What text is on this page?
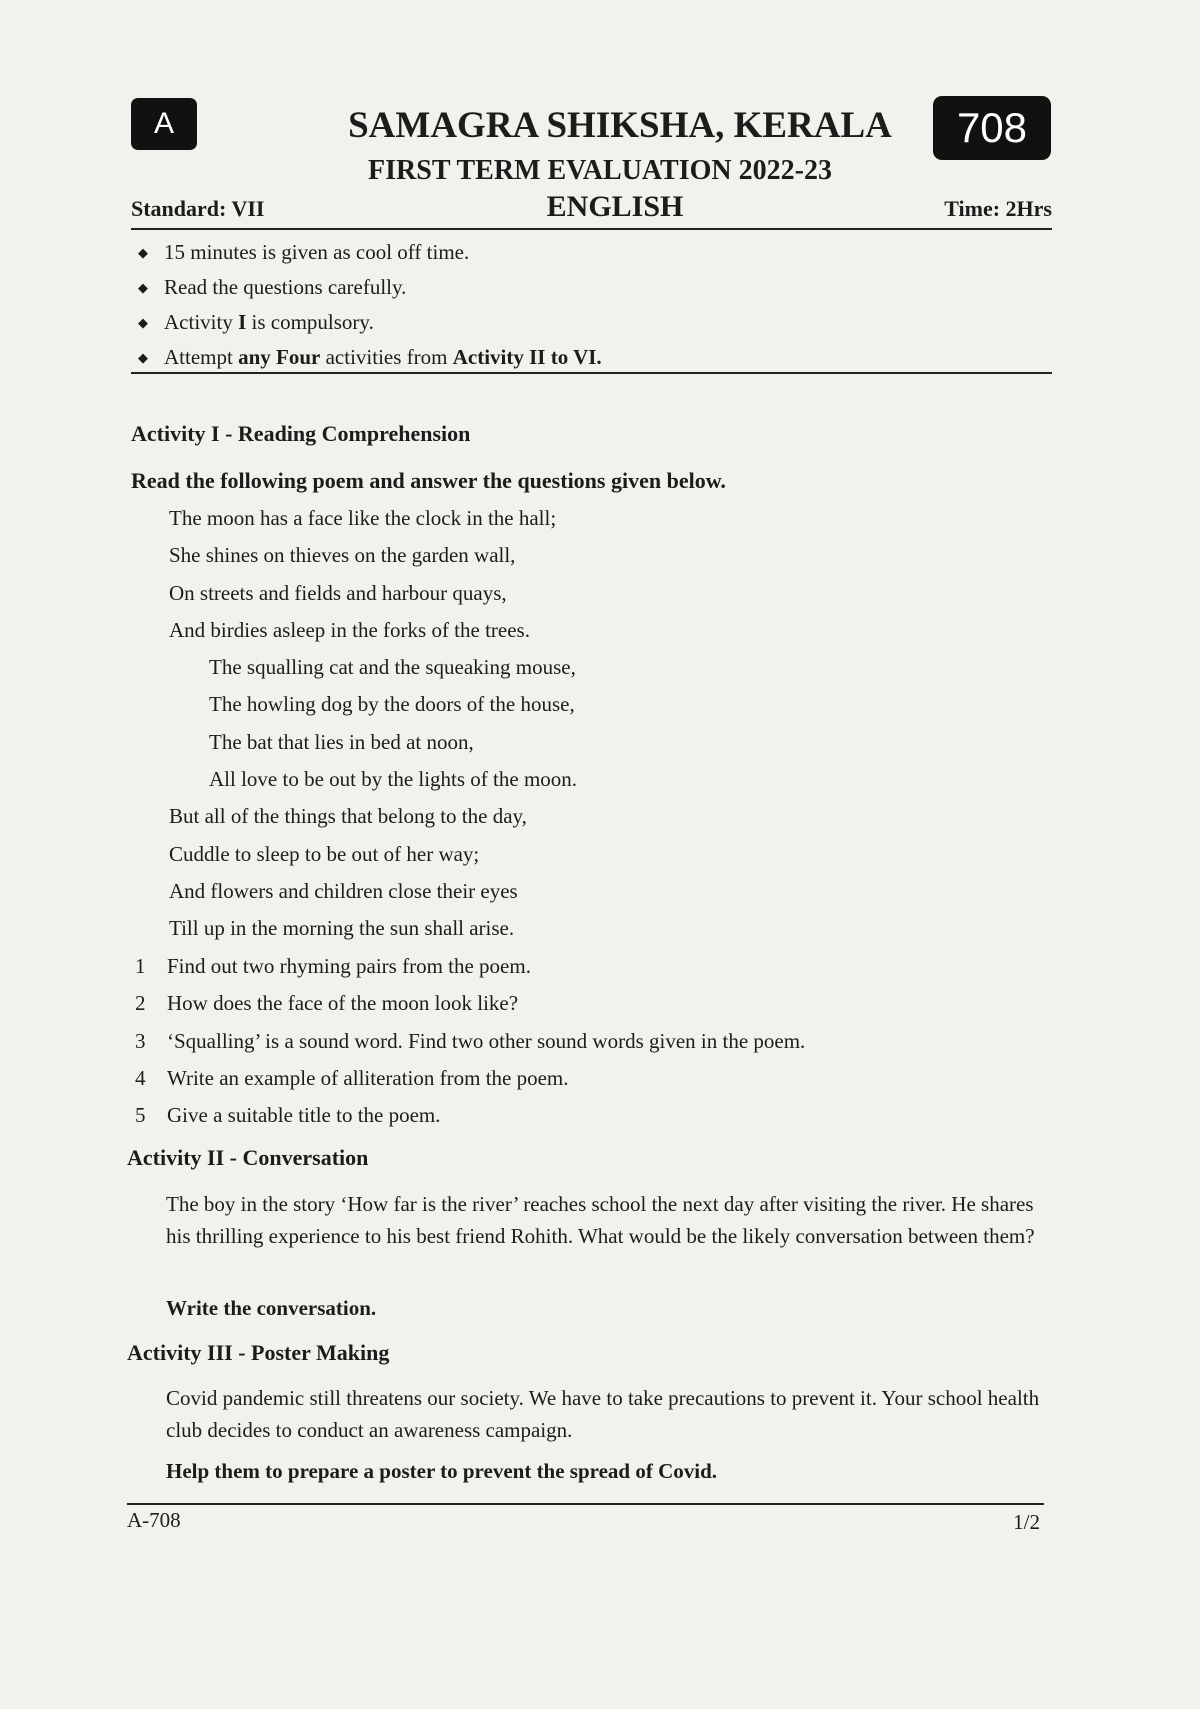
A	SAMAGRA SHIKSHA, KERALA	708
FIRST TERM EVALUATION 2022-23
Standard: VII	ENGLISH	Time: 2Hrs
◆ 15 minutes is given as cool off time.
◆ Read the questions carefully.
◆ Activity I is compulsory.
◆ Attempt any Four activities from Activity II to VI.
Activity I - Reading Comprehension
Read the following poem and answer the questions given below.
The moon has a face like the clock in the hall;
She shines on thieves on the garden wall,
On streets and fields and harbour quays,
And birdies asleep in the forks of the trees.
The squalling cat and the squeaking mouse,
The howling dog by the doors of the house,
The bat that lies in bed at noon,
All love to be out by the lights of the moon.
But all of the things that belong to the day,
Cuddle to sleep to be out of her way;
And flowers and children close their eyes
Till up in the morning the sun shall arise.
1 Find out two rhyming pairs from the poem.
2 How does the face of the moon look like?
3 ‘Squalling’ is a sound word. Find two other sound words given in the poem.
4 Write an example of alliteration from the poem.
5 Give a suitable title to the poem.
Activity II - Conversation

The boy in the story ‘How far is the river’ reaches school the next day after visiting the river. He shares his thrilling experience to his best friend Rohith. What would be the likely conversation between them?

Write the conversation.
Activity III - Poster Making

Covid pandemic still threatens our society. We have to take precautions to prevent it. Your school health club decides to conduct an awareness campaign.

Help them to prepare a poster to prevent the spread of Covid.
A-708	1/2
